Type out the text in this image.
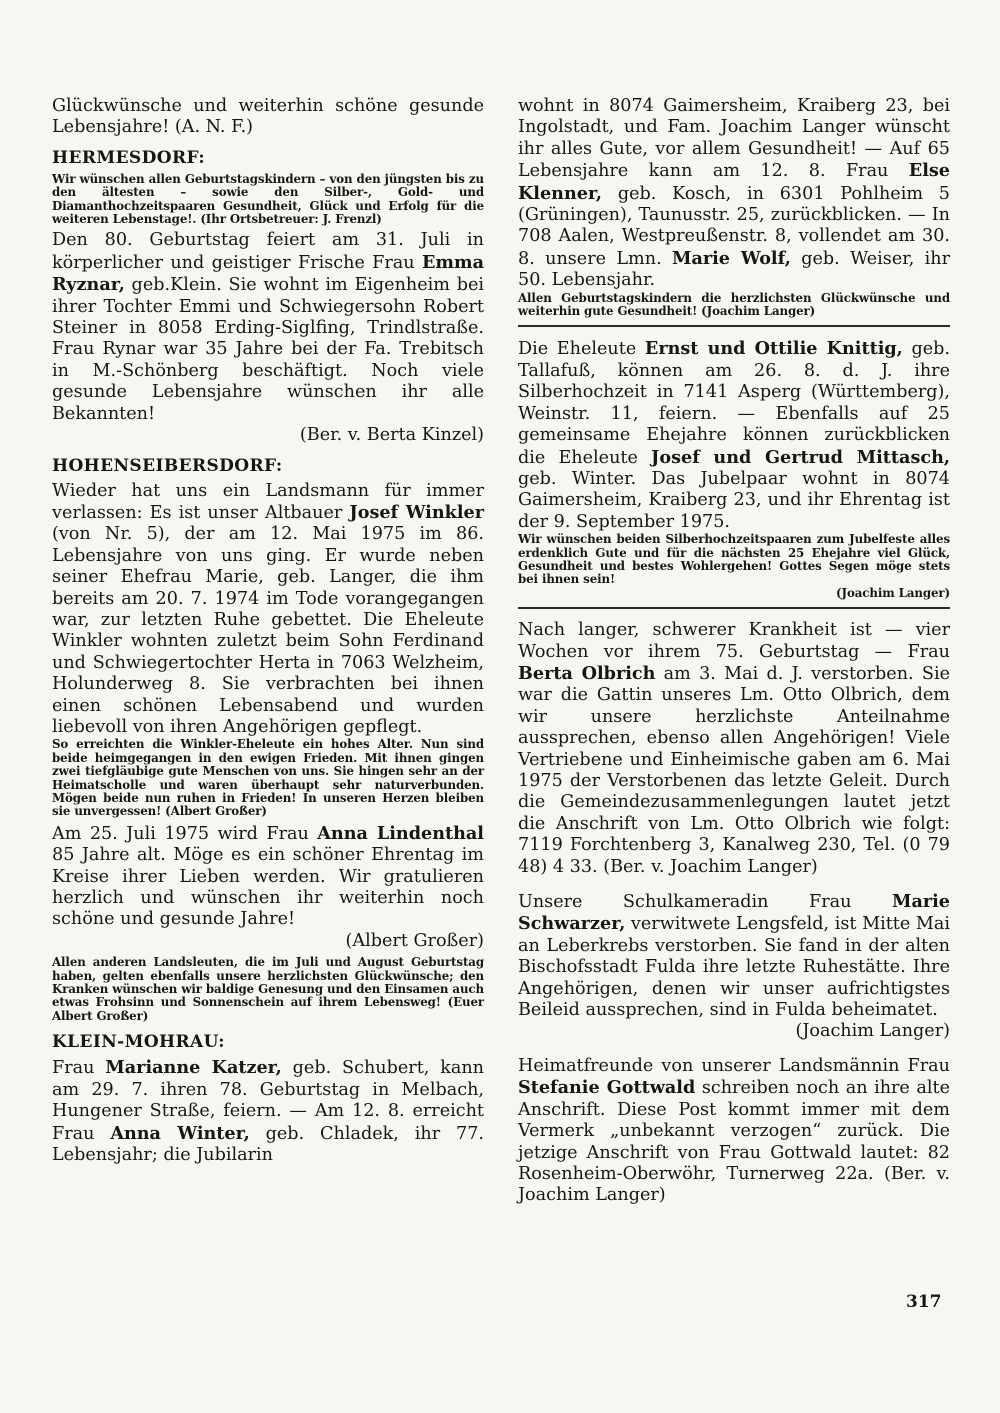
Glückwünsche und weiterhin schöne gesunde Lebensjahre! (A. N. F.)

HERMESDORF:

Wir wünschen allen Geburtstagskindern – von den jüngsten bis zu den ältesten – sowie den Silber-, Gold- und Diamanthochzeitspaaren Gesundheit, Glück und Erfolg für die weiteren Lebenstage!. (Ihr Ortsbetreuer: J. Frenzl)

Den 80. Geburtstag feiert am 31. Juli in körperlicher und geistiger Frische Frau Emma Ryznar, geb.Klein. Sie wohnt im Eigenheim bei ihrer Tochter Emmi und Schwiegersohn Robert Steiner in 8058 Erding-Siglfing, Trindlstraße. Frau Rynar war 35 Jahre bei der Fa. Trebitsch in M.-Schönberg beschäftigt. Noch viele gesunde Lebensjahre wünschen ihr alle Bekannten!

(Ber. v. Berta Kinzel)

HOHENSEIBERSDORF:

Wieder hat uns ein Landsmann für immer verlassen: Es ist unser Altbauer Josef Winkler (von Nr. 5), der am 12. Mai 1975 im 86. Lebensjahre von uns ging. Er wurde neben seiner Ehefrau Marie, geb. Langer, die ihm bereits am 20. 7. 1974 im Tode vorangegangen war, zur letzten Ruhe gebettet. Die Eheleute Winkler wohnten zuletzt beim Sohn Ferdinand und Schwiegertochter Herta in 7063 Welzheim, Holunderweg 8. Sie verbrachten bei ihnen einen schönen Lebensabend und wurden liebevoll von ihren Angehörigen gepflegt.

So erreichten die Winkler-Eheleute ein hohes Alter. Nun sind beide heimgegangen in den ewigen Frieden. Mit ihnen gingen zwei tiefgläubige gute Menschen von uns. Sie hingen sehr an der Heimatscholle und waren überhaupt sehr naturverbunden. Mögen beide nun ruhen in Frieden! In unseren Herzen bleiben sie unvergessen! (Albert Großer)

Am 25. Juli 1975 wird Frau Anna Lindenthal 85 Jahre alt. Möge es ein schöner Ehrentag im Kreise ihrer Lieben werden. Wir gratulieren herzlich und wünschen ihr weiterhin noch schöne und gesunde Jahre!

(Albert Großer)

Allen anderen Landsleuten, die im Juli und August Geburtstag haben, gelten ebenfalls unsere herzlichsten Glückwünsche; den Kranken wünschen wir baldige Genesung und den Einsamen auch etwas Frohsinn und Sonnenschein auf ihrem Lebensweg! (Euer Albert Großer)

KLEIN-MOHRAU:

Frau Marianne Katzer, geb. Schubert, kann am 29. 7. ihren 78. Geburtstag in Melbach, Hungener Straße, feiern. — Am 12. 8. erreicht Frau Anna Winter, geb. Chladek, ihr 77. Lebensjahr; die Jubilarin

wohnt in 8074 Gaimersheim, Kraiberg 23, bei Ingolstadt, und Fam. Joachim Langer wünscht ihr alles Gute, vor allem Gesundheit! — Auf 65 Lebensjahre kann am 12. 8. Frau Else Klenner, geb. Kosch, in 6301 Pohlheim 5 (Grüningen), Taunusstr. 25, zurückblicken. — In 708 Aalen, Westpreußenstr. 8, vollendet am 30. 8. unsere Lmn. Marie Wolf, geb. Weiser, ihr 50. Lebensjahr.

Allen Geburtstagskindern die herzlichsten Glückwünsche und weiterhin gute Gesundheit! (Joachim Langer)

Die Eheleute Ernst und Ottilie Knittig, geb. Tallafuß, können am 26. 8. d. J. ihre Silberhochzeit in 7141 Asperg (Württemberg), Weinstr. 11, feiern. — Ebenfalls auf 25 gemeinsame Ehejahre können zurückblicken die Eheleute Josef und Gertrud Mittasch, geb. Winter. Das Jubelpaar wohnt in 8074 Gaimersheim, Kraiberg 23, und ihr Ehrentag ist der 9. September 1975.

Wir wünschen beiden Silberhochzeitspaaren zum Jubelfeste alles erdenklich Gute und für die nächsten 25 Ehejahre viel Glück, Gesundheit und bestes Wohlergehen! Gottes Segen möge stets bei ihnen sein!

(Joachim Langer)

Nach langer, schwerer Krankheit ist — vier Wochen vor ihrem 75. Geburtstag — Frau Berta Olbrich am 3. Mai d. J. verstorben. Sie war die Gattin unseres Lm. Otto Olbrich, dem wir unsere herzlichste Anteilnahme aussprechen, ebenso allen Angehörigen! Viele Vertriebene und Einheimische gaben am 6. Mai 1975 der Verstorbenen das letzte Geleit. Durch die Gemeindezusammenlegungen lautet jetzt die Anschrift von Lm. Otto Olbrich wie folgt: 7119 Forchtenberg 3, Kanalweg 230, Tel. (0 79 48) 4 33. (Ber. v. Joachim Langer)

Unsere Schulkameradin Frau Marie Schwarzer, verwitwete Lengsfeld, ist Mitte Mai an Leberkrebs verstorben. Sie fand in der alten Bischofsstadt Fulda ihre letzte Ruhestätte. Ihre Angehörigen, denen wir unser aufrichtigstes Beileid aussprechen, sind in Fulda beheimatet.

(Joachim Langer)

Heimatfreunde von unserer Landsmännin Frau Stefanie Gottwald schreiben noch an ihre alte Anschrift. Diese Post kommt immer mit dem Vermerk „unbekannt verzogen“ zurück. Die jetzige Anschrift von Frau Gottwald lautet: 82 Rosenheim-Oberwöhr, Turnerweg 22a. (Ber. v. Joachim Langer)

317
